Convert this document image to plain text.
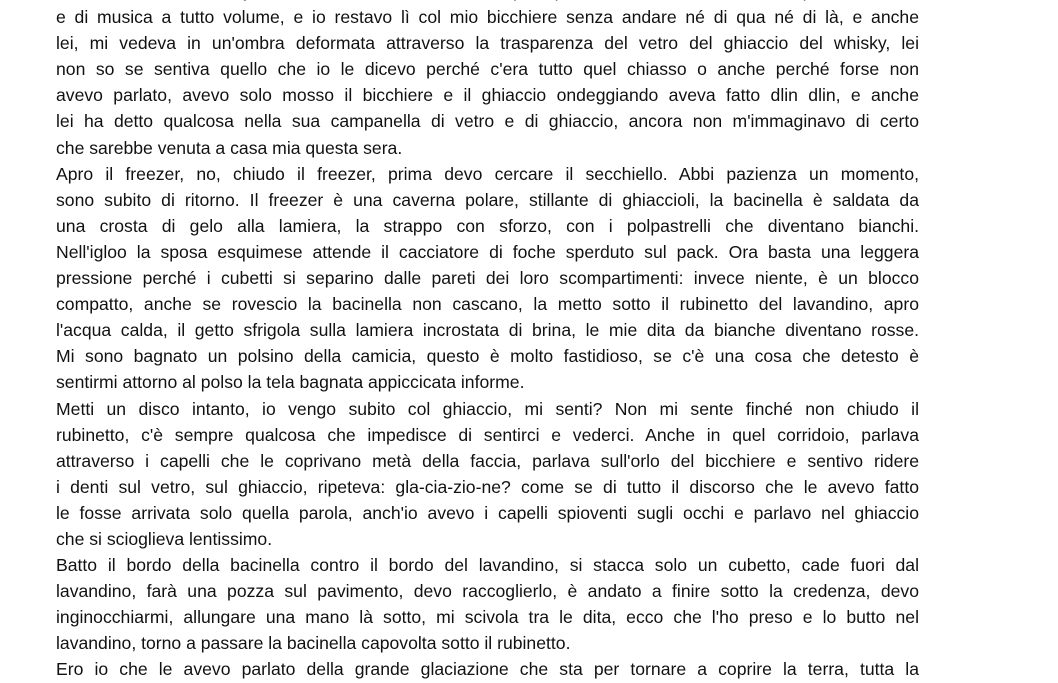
e di musica a tutto volume, e io restavo lì col mio bicchiere senza andare né di qua né di là, e anche
lei, mi vedeva in un'ombra deformata attraverso la trasparenza del vetro del ghiaccio del whisky, lei
non so se sentiva quello che io le dicevo perché c'era tutto quel chiasso o anche perché forse non
avevo parlato, avevo solo mosso il bicchiere e il ghiaccio ondeggiando aveva fatto dlin dlin, e anche
lei ha detto qualcosa nella sua campanella di vetro e di ghiaccio, ancora non m'immaginavo di certo
che sarebbe venuta a casa mia questa sera.
Apro il freezer, no, chiudo il freezer, prima devo cercare il secchiello. Abbi pazienza un momento,
sono subito di ritorno. Il freezer è una caverna polare, stillante di ghiaccioli, la bacinella è saldata da
una crosta di gelo alla lamiera, la strappo con sforzo, con i polpastrelli che diventano bianchi.
Nell'igloo la sposa esquimese attende il cacciatore di foche sperduto sul pack. Ora basta una leggera
pressione perché i cubetti si separino dalle pareti dei loro scompartimenti: invece niente, è un blocco
compatto, anche se rovescio la bacinella non cascano, la metto sotto il rubinetto del lavandino, apro
l'acqua calda, il getto sfrigola sulla lamiera incrostata di brina, le mie dita da bianche diventano rosse.
Mi sono bagnato un polsino della camicia, questo è molto fastidioso, se c'è una cosa che detesto è
sentirmi attorno al polso la tela bagnata appiccicata informe.
Metti un disco intanto, io vengo subito col ghiaccio, mi senti? Non mi sente finché non chiudo il
rubinetto, c'è sempre qualcosa che impedisce di sentirci e vederci. Anche in quel corridoio, parlava
attraverso i capelli che le coprivano metà della faccia, parlava sull'orlo del bicchiere e sentivo ridere
i denti sul vetro, sul ghiaccio, ripeteva: gla-cia-zio-ne? come se di tutto il discorso che le avevo fatto
le fosse arrivata solo quella parola, anch'io avevo i capelli spioventi sugli occhi e parlavo nel ghiaccio
che si scioglieva lentissimo.
Batto il bordo della bacinella contro il bordo del lavandino, si stacca solo un cubetto, cade fuori dal
lavandino, farà una pozza sul pavimento, devo raccoglierlo, è andato a finire sotto la credenza, devo
inginocchiarmi, allungare una mano là sotto, mi scivola tra le dita, ecco che l'ho preso e lo butto nel
lavandino, torno a passare la bacinella capovolta sotto il rubinetto.
Ero io che le avevo parlato della grande glaciazione che sta per tornare a coprire la terra, tutta la
